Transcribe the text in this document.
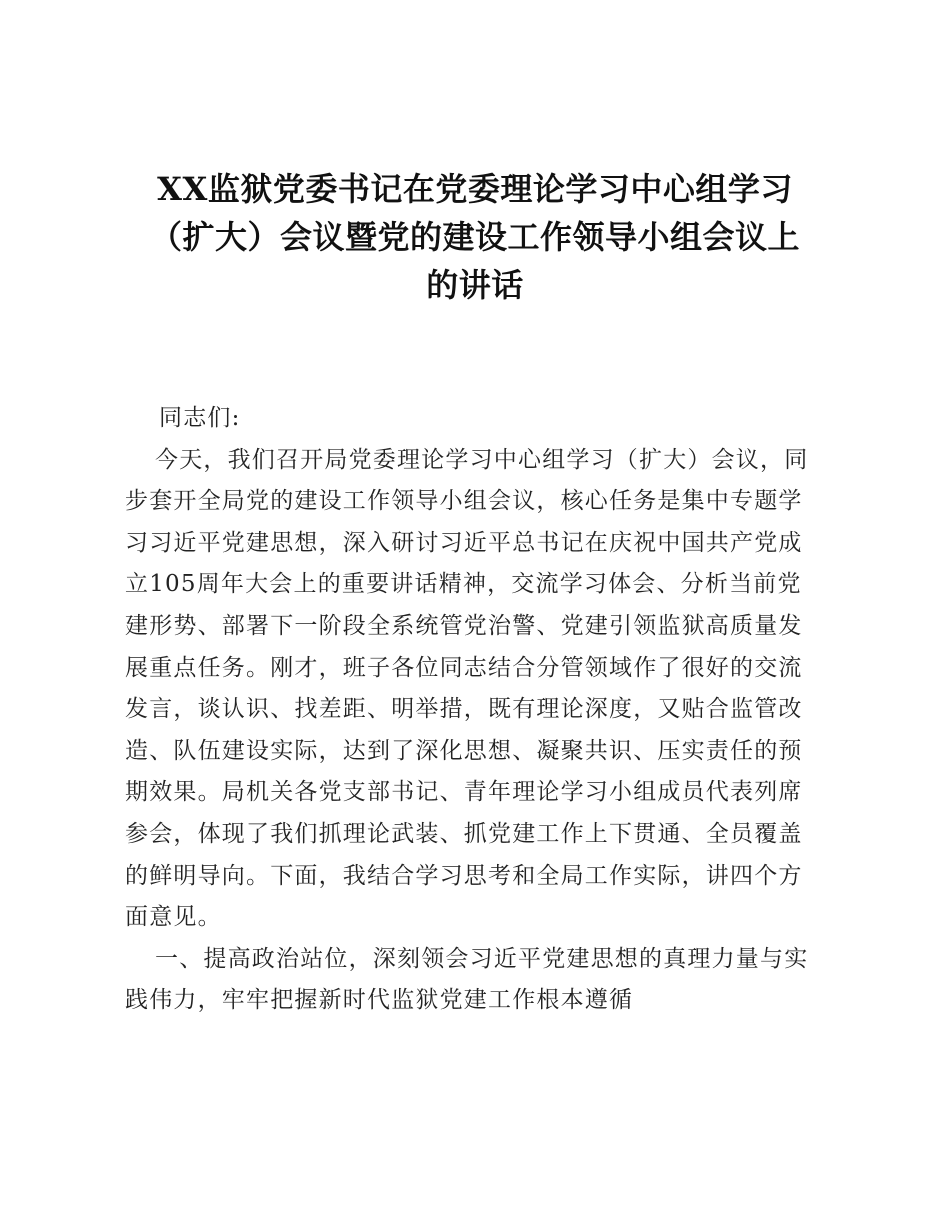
XX监狱党委书记在党委理论学习中心组学习
（扩大）会议暨党的建设工作领导小组会议上
的讲话
同志们:
今天，我们召开局党委理论学习中心组学习（扩大）会议，同
步套开全局党的建设工作领导小组会议，核心任务是集中专题学
习习近平党建思想，深入研讨习近平总书记在庆祝中国共产党成
立105周年大会上的重要讲话精神，交流学习体会、分析当前党
建形势、部署下一阶段全系统管党治警、党建引领监狱高质量发
展重点任务。刚才，班子各位同志结合分管领域作了很好的交流
发言，谈认识、找差距、明举措，既有理论深度，又贴合监管改
造、队伍建设实际，达到了深化思想、凝聚共识、压实责任的预
期效果。局机关各党支部书记、青年理论学习小组成员代表列席
参会，体现了我们抓理论武装、抓党建工作上下贯通、全员覆盖
的鲜明导向。下面，我结合学习思考和全局工作实际，讲四个方
面意见。
一、提高政治站位，深刻领会习近平党建思想的真理力量与实
践伟力，牢牢把握新时代监狱党建工作根本遵循
